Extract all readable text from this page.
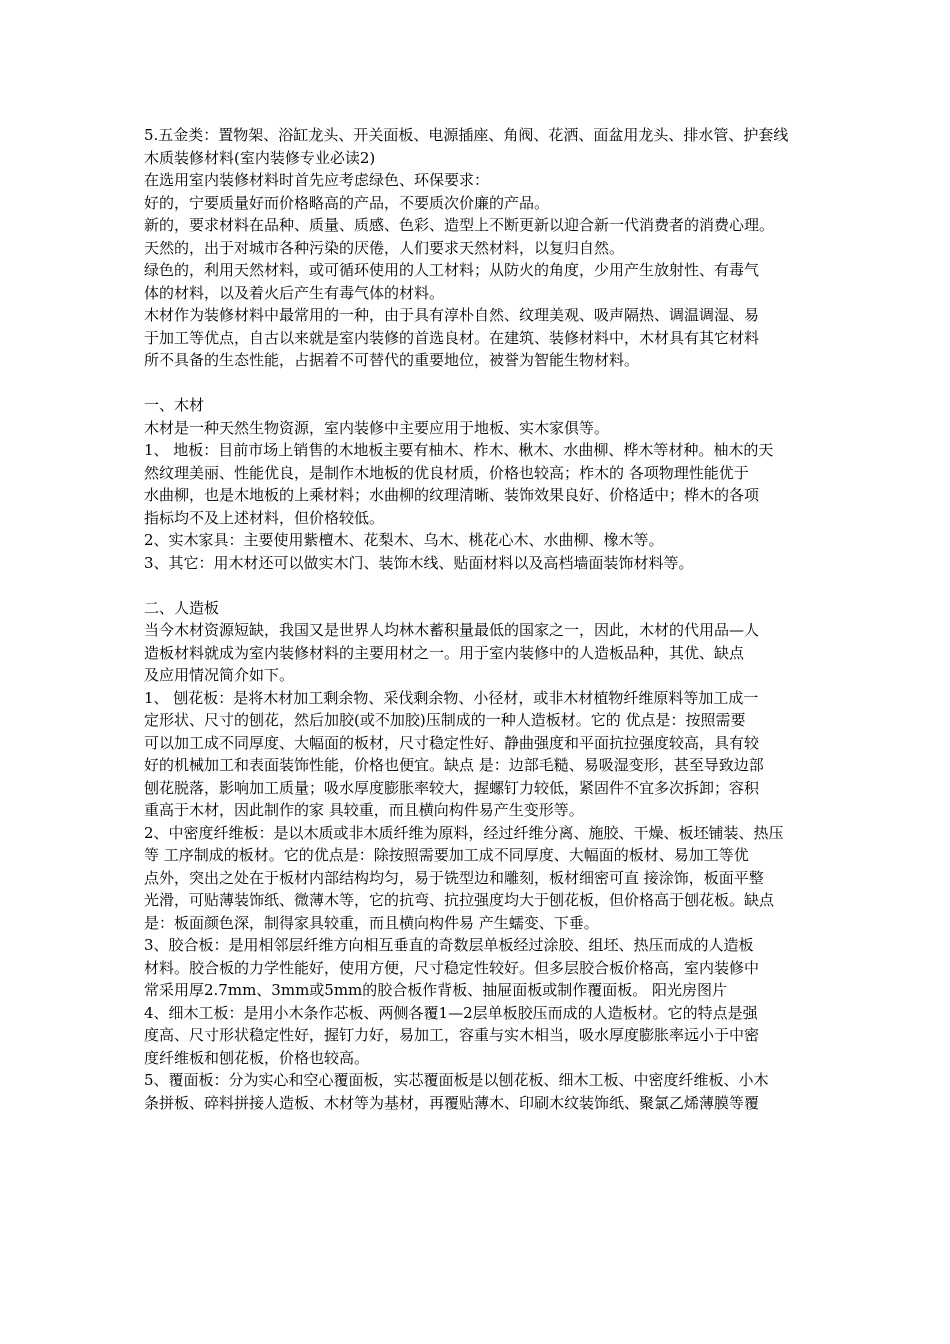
5.五金类：置物架、浴缸龙头、开关面板、电源插座、角阀、花洒、面盆用龙头、排水管、护套线

木质装修材料(室内装修专业必读2)

在选用室内装修材料时首先应考虑绿色、环保要求：

好的，宁要质量好而价格略高的产品，不要质次价廉的产品。

新的，要求材料在品种、质量、质感、色彩、造型上不断更新以迎合新一代消费者的消费心理。

天然的，出于对城市各种污染的厌倦，人们要求天然材料，以复归自然。

绿色的，利用天然材料，或可循环使用的人工材料；从防火的角度，少用产生放射性、有毒气
体的材料，以及着火后产生有毒气体的材料。

木材作为装修材料中最常用的一种，由于具有淳朴自然、纹理美观、吸声隔热、调温调湿、易
于加工等优点，自古以来就是室内装修的首选良材。在建筑、装修材料中，木材具有其它材料
所不具备的生态性能，占据着不可替代的重要地位，被誉为智能生物材料。

一、木材

木材是一种天然生物资源，室内装修中主要应用于地板、实木家俱等。

1、 地板：目前市场上销售的木地板主要有柚木、柞木、楸木、水曲柳、桦木等材种。柚木的天
然纹理美丽、性能优良，是制作木地板的优良材质，价格也较高；柞木的 各项物理性能优于
水曲柳，也是木地板的上乘材料；水曲柳的纹理清晰、装饰效果良好、价格适中；桦木的各项
指标均不及上述材料，但价格较低。

2、实木家具：主要使用紫檀木、花梨木、乌木、桃花心木、水曲柳、橡木等。

3、其它：用木材还可以做实木门、装饰木线、贴面材料以及高档墙面装饰材料等。

二、人造板

当今木材资源短缺，我国又是世界人均林木蓄积量最低的国家之一，因此，木材的代用品—人
造板材料就成为室内装修材料的主要用材之一。用于室内装修中的人造板品种，其优、缺点
及应用情况简介如下。

1、 刨花板：是将木材加工剩余物、采伐剩余物、小径材，或非木材植物纤维原料等加工成一
定形状、尺寸的刨花，然后加胶(或不加胶)压制成的一种人造板材。它的 优点是：按照需要
可以加工成不同厚度、大幅面的板材，尺寸稳定性好、静曲强度和平面抗拉强度较高，具有较
好的机械加工和表面装饰性能，价格也便宜。缺点 是：边部毛糙、易吸湿变形，甚至导致边部
刨花脱落，影响加工质量；吸水厚度膨胀率较大，握螺钉力较低，紧固件不宜多次拆卸；容积
重高于木材，因此制作的家 具较重，而且横向构件易产生变形等。

2、中密度纤维板：是以木质或非木质纤维为原料，经过纤维分离、施胶、干燥、板坯铺装、热压
等 工序制成的板材。它的优点是：除按照需要加工成不同厚度、大幅面的板材、易加工等优
点外，突出之处在于板材内部结构均匀，易于铣型边和雕刻，板材细密可直 接涂饰，板面平整
光滑，可贴薄装饰纸、微薄木等，它的抗弯、抗拉强度均大于刨花板，但价格高于刨花板。缺点
是：板面颜色深，制得家具较重，而且横向构件易 产生蠕变、下垂。

3、胶合板：是用相邻层纤维方向相互垂直的奇数层单板经过涂胶、组坯、热压而成的人造板
材料。胶合板的力学性能好，使用方便，尺寸稳定性较好。但多层胶合板价格高，室内装修中
常采用厚2.7mm、3mm或5mm的胶合板作背板、抽屉面板或制作覆面板。 阳光房图片

4、细木工板：是用小木条作芯板、两侧各覆1—2层单板胶压而成的人造板材。它的特点是强
度高、尺寸形状稳定性好，握钉力好，易加工，容重与实木相当，吸水厚度膨胀率远小于中密
度纤维板和刨花板，价格也较高。

5、覆面板：分为实心和空心覆面板，实芯覆面板是以刨花板、细木工板、中密度纤维板、小木
条拼板、碎料拼接人造板、木材等为基材，再覆贴薄木、印刷木纹装饰纸、聚氯乙烯薄膜等覆
